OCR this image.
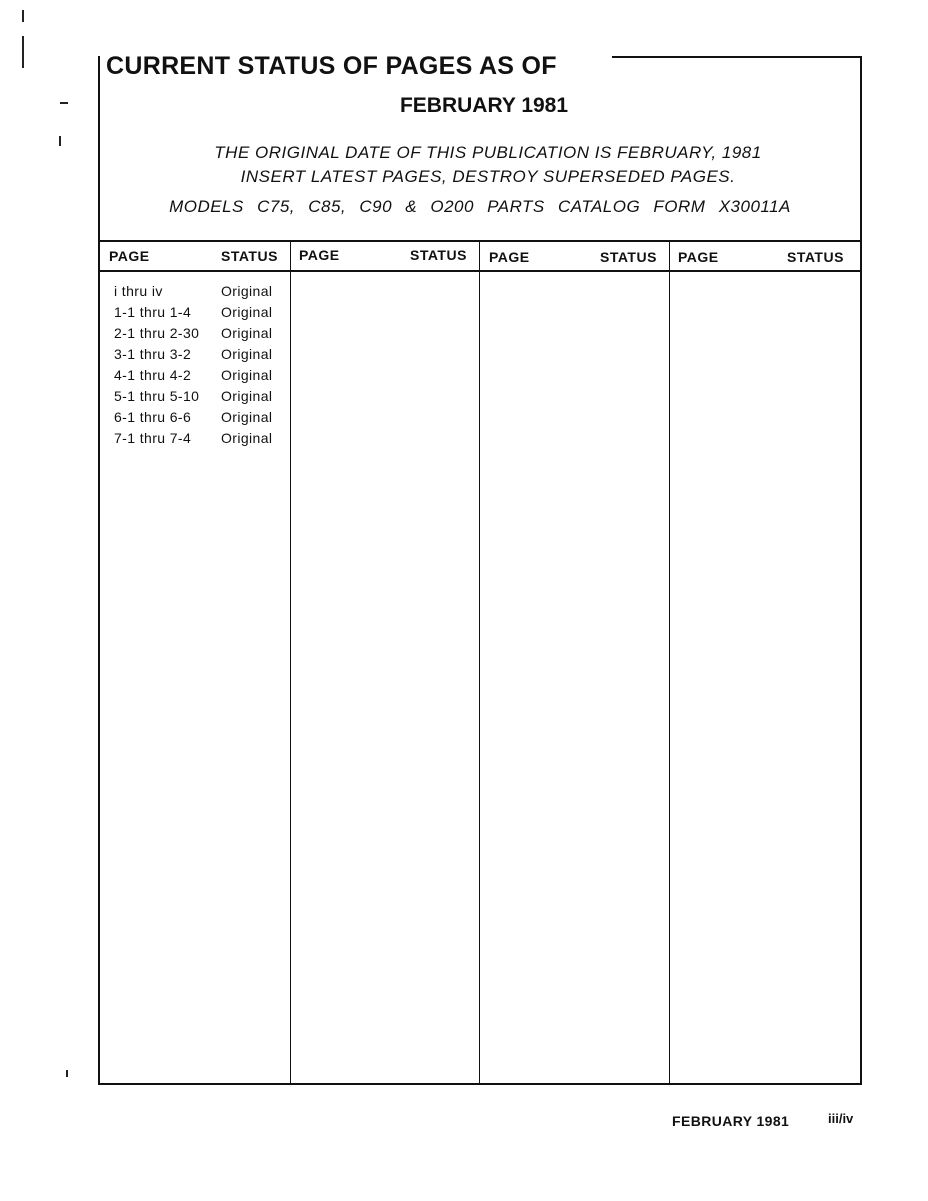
CURRENT STATUS OF PAGES AS OF
FEBRUARY 1981
THE ORIGINAL DATE OF THIS PUBLICATION IS FEBRUARY, 1981
INSERT LATEST PAGES, DESTROY SUPERSEDED PAGES.
MODELS C75, C85, C90 & O200 PARTS CATALOG FORM X30011A
PAGE	STATUS PAGE	STATUS PAGE	STATUS PAGE	STATUS
i thru iv	Original
1-1 thru 1-4 Original
2-1 thru 2-30 Original
3-1 thru 3-2 Original
4-1 thru 4-2 Original
5-1 thru 5-10 Original
6-1 thru 6-6 Original
7-1 thru 7-4 Original
FEBRUARY 1981	iii/iv
